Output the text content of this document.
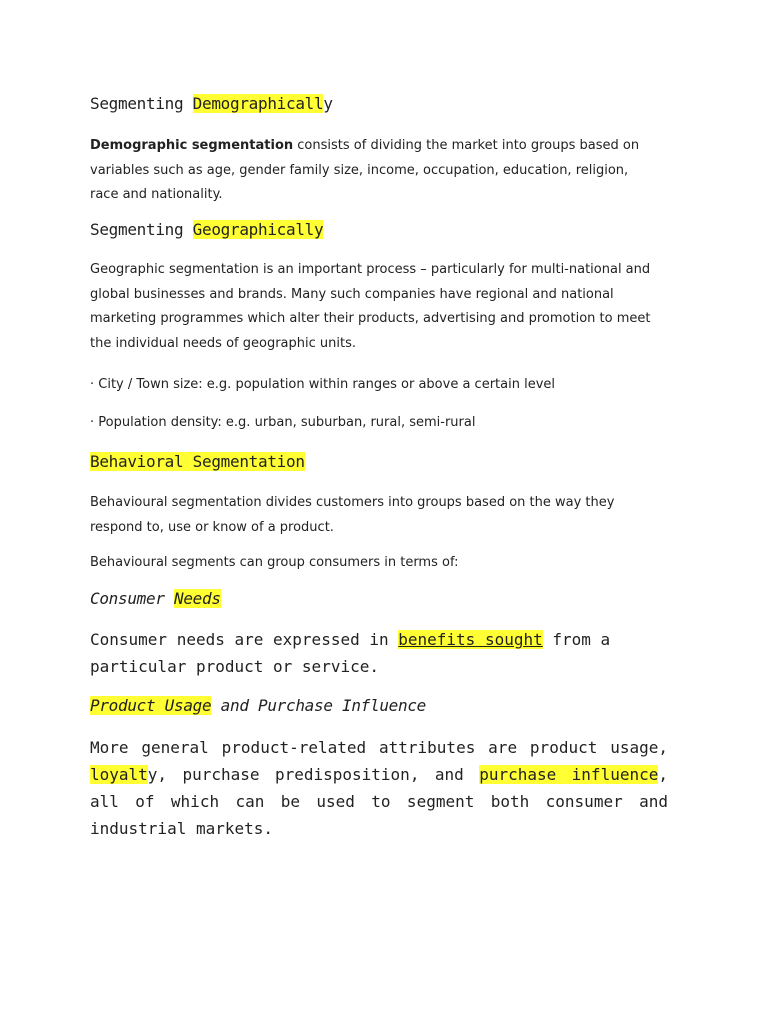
Segmenting Demographically
Demographic segmentation consists of dividing the market into groups based on variables such as age, gender family size, income, occupation, education, religion, race and nationality.
Segmenting Geographically
Geographic segmentation is an important process – particularly for multi-national and global businesses and brands. Many such companies have regional and national marketing programmes which alter their products, advertising and promotion to meet the individual needs of geographic units.
· City / Town size: e.g. population within ranges or above a certain level
· Population density: e.g. urban, suburban, rural, semi-rural
Behavioral Segmentation
Behavioural segmentation divides customers into groups based on the way they respond to, use or know of a product.
Behavioural segments can group consumers in terms of:
Consumer Needs
Consumer needs are expressed in benefits sought from a particular product or service.
Product Usage and Purchase Influence
More general product-related attributes are product usage, loyalty, purchase predisposition, and purchase influence, all of which can be used to segment both consumer and industrial markets.
